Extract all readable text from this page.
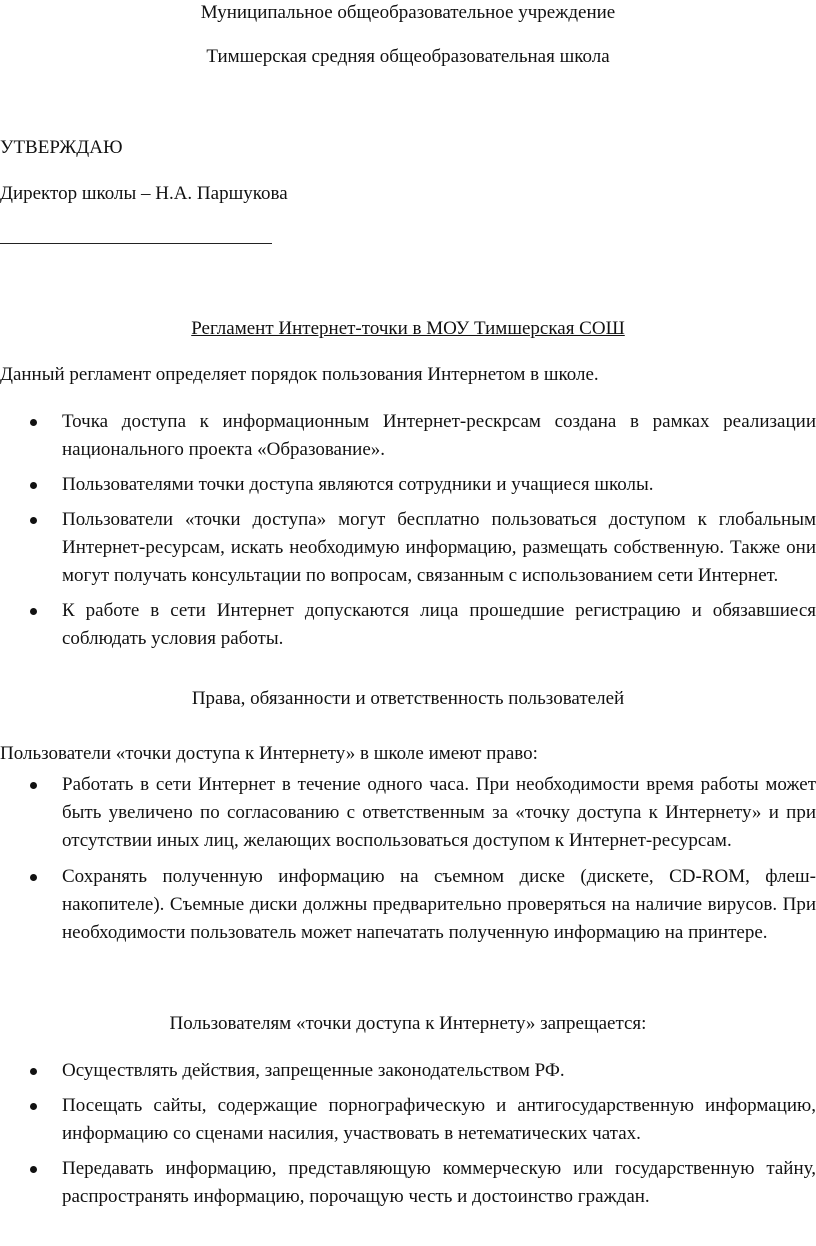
Муниципальное общеобразовательное учреждение

Тимшерская средняя общеобразовательная школа

УТВЕРЖДАЮ

Директор школы – Н.А. Паршукова

Регламент Интернет-точки в МОУ Тимшерская СОШ

Данный регламент определяет порядок пользования Интернетом в школе.

Точка доступа к информационным Интернет-рескрсам создана в рамках реализации национального проекта «Образование».
Пользователями точки доступа являются сотрудники и учащиеся школы.
Пользователи «точки доступа» могут бесплатно пользоваться доступом к глобальным Интернет-ресурсам, искать необходимую информацию, размещать собственную. Также они могут получать консультации по вопросам, связанным с использованием сети Интернет.
К работе в сети Интернет допускаются лица прошедшие регистрацию и обязавшиеся соблюдать условия работы.

Права, обязанности и ответственность пользователей

Пользователи «точки доступа к Интернету» в школе имеют право:

Работать в сети Интернет в течение одного часа. При необходимости время работы может быть увеличено по согласованию с ответственным за «точку доступа к Интернету» и при отсутствии иных лиц, желающих воспользоваться доступом к Интернет-ресурсам.
Сохранять полученную информацию на съемном диске (дискете, CD-ROM, флеш-накопителе). Съемные диски должны предварительно проверяться на наличие вирусов. При необходимости пользователь может напечатать полученную информацию на принтере.

Пользователям «точки доступа к Интернету» запрещается:

Осуществлять действия, запрещенные законодательством РФ.
Посещать сайты, содержащие порнографическую и антигосударственную информацию, информацию со сценами насилия, участвовать в нетематических чатах.
Передавать информацию, представляющую коммерческую или государственную тайну, распространять информацию, порочащую честь и достоинство граждан.
